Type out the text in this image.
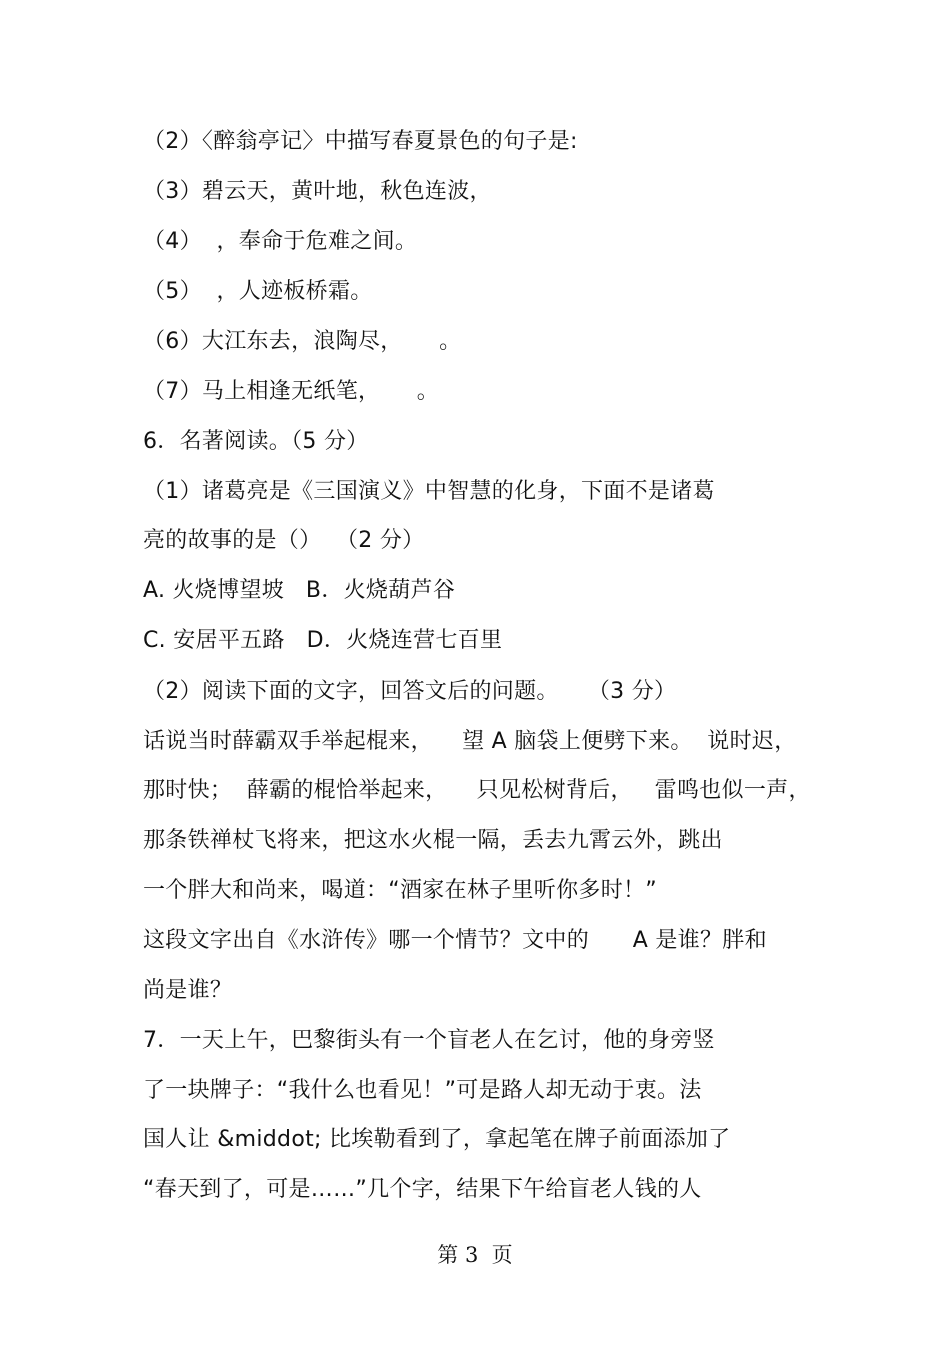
（2）〈醉翁亭记〉中描写春夏景色的句子是:
（3）碧云天，黄叶地，秋色连波，
（4）  ，奉命于危难之间。
（5）  ，人迹板桥霜。
（6）大江东去，浪陶尽，     。
（7）马上相逢无纸笔，     。
6．名著阅读。（5 分）
（1）诸葛亮是《三国演义》中智慧的化身，下面不是诸葛
亮的故事的是（）  （2 分）
A. 火烧博望坡   B．火烧葫芦谷
C. 安居平五路   D．火烧连营七百里
（2）阅读下面的文字，回答文后的问题。    （3 分）
话说当时薛霸双手举起棍来，    望 A 脑袋上便劈下来。  说时迟，
那时快；  薛霸的棍恰举起来，    只见松树背后，   雷鸣也似一声，
那条铁禅杖飞将来，把这水火棍一隔，丢去九霄云外，跳出
一个胖大和尚来，喝道：“酒家在林子里听你多时！”
这段文字出自《水浒传》哪一个情节？文中的      A 是谁？胖和
尚是谁？
7．一天上午，巴黎街头有一个盲老人在乞讨，他的身旁竖
了一块牌子：“我什么也看见！”可是路人却无动于衷。法
国人让 &middot; 比埃勒看到了，拿起笔在牌子前面添加了
“春天到了，可是……”几个字，结果下午给盲老人钱的人
第 3  页
